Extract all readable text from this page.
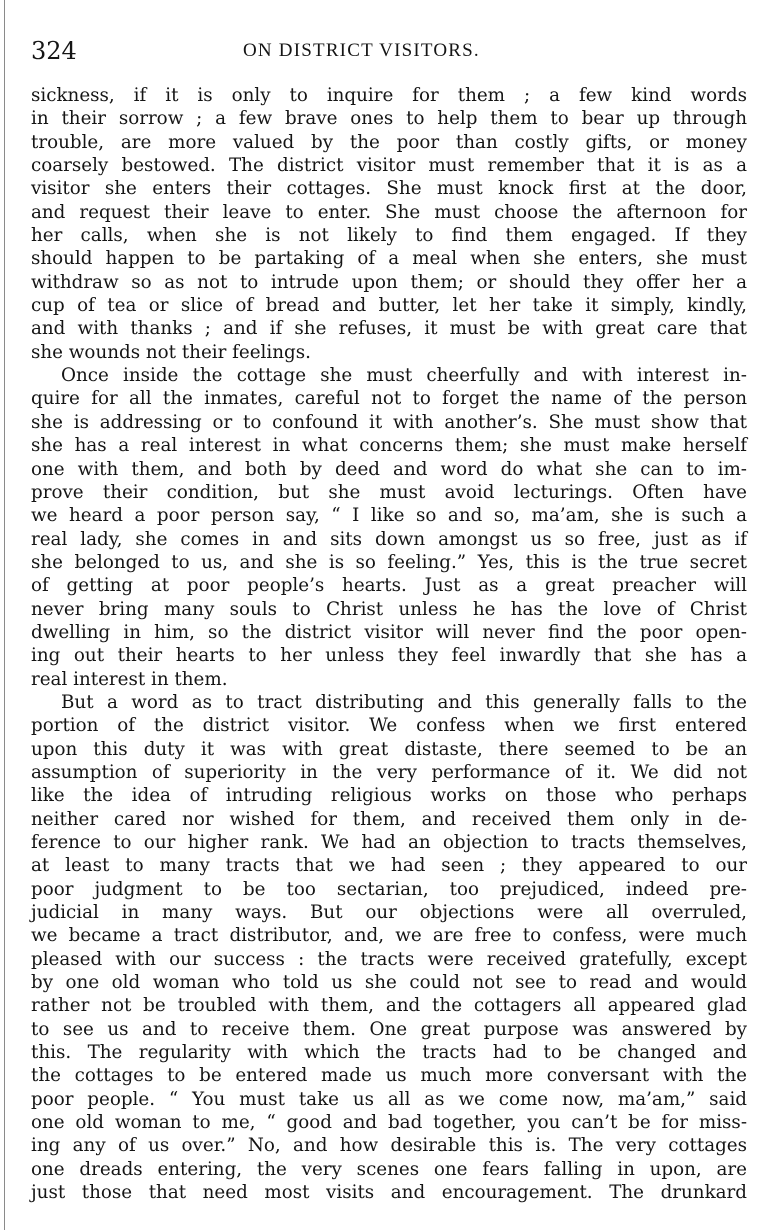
324	ON DISTRICT VISITORS.

sickness, if it is only to inquire for them ; a few kind words

in their sorrow ; a few brave ones to help them to bear up through

trouble, are more valued by the poor than costly gifts, or money

coarsely bestowed. The district visitor must remember that it is as a

visitor she enters their cottages. She must knock first at the door,

and request their leave to enter. She must choose the afternoon for

her calls, when she is not likely to find them engaged. If they

should happen to be partaking of a meal when she enters, she must

withdraw so as not to intrude upon them; or should they offer her a

cup of tea or slice of bread and butter, let her take it simply, kindly,

and with thanks ; and if she refuses, it must be with great care that

she wounds not their feelings.

Once inside the cottage she must cheerfully and with interest in-

quire for all the inmates, careful not to forget the name of the person

she is addressing or to confound it with another’s. She must show that

she has a real interest in what concerns them; she must make herself

one with them, and both by deed and word do what she can to im-

prove their condition, but she must avoid lecturings. Often have

we heard a poor person say, “ I like so and so, ma’am, she is such a

real lady, she comes in and sits down amongst us so free, just as if

she belonged to us, and she is so feeling.” Yes, this is the true secret

of getting at poor people’s hearts. Just as a great preacher will

never bring many souls to Christ unless he has the love of Christ

dwelling in him, so the district visitor will never find the poor open-

ing out their hearts to her unless they feel inwardly that she has a

real interest in them.

But a word as to tract distributing and this generally falls to the

portion of the district visitor. We confess when we first entered

upon this duty it was with great distaste, there seemed to be an

assumption of superiority in the very performance of it. We did not

like the idea of intruding religious works on those who perhaps

neither cared nor wished for them, and received them only in de-

ference to our higher rank. We had an objection to tracts themselves,

at least to many tracts that we had seen ; they appeared to our

poor judgment to be too sectarian, too prejudiced, indeed pre-

judicial in many ways. But our objections were all overruled,

we became a tract distributor, and, we are free to confess, were much

pleased with our success : the tracts were received gratefully, except

by one old woman who told us she could not see to read and would

rather not be troubled with them, and the cottagers all appeared glad

to see us and to receive them. One great purpose was answered by

this. The regularity with which the tracts had to be changed and

the cottages to be entered made us much more conversant with the

poor people. “ You must take us all as we come now, ma’am,” said

one old woman to me, “ good and bad together, you can’t be for miss-

ing any of us over.” No, and how desirable this is. The very cottages

one dreads entering, the very scenes one fears falling in upon, are

just those that need most visits and encouragement. The drunkard
